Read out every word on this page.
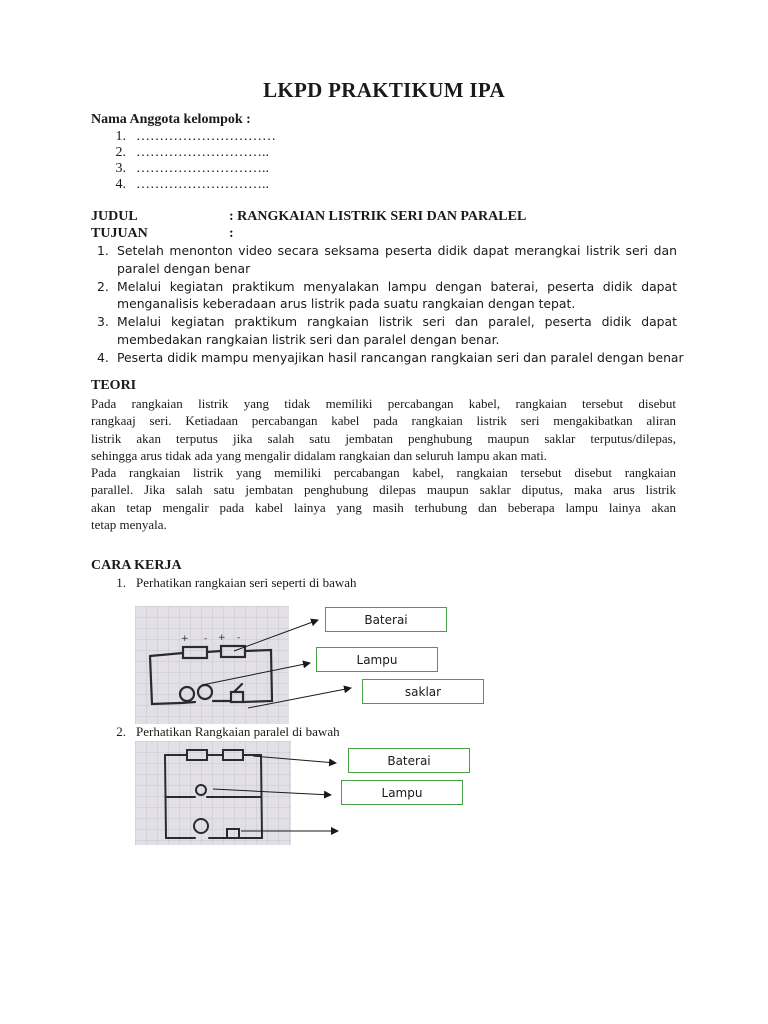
LKPD PRAKTIKUM IPA
Nama Anggota kelompok :
1. …………………………
2. ………………………..
3. ………………………..
4. ………………………..
JUDUL	: RANGKAIAN LISTRIK SERI DAN PARALEL
TUJUAN	:
1. Setelah menonton video secara seksama peserta didik dapat merangkai listrik seri dan
paralel dengan benar
2. Melalui kegiatan praktikum menyalakan lampu dengan baterai, peserta didik dapat
menganalisis keberadaan arus listrik pada suatu rangkaian dengan tepat.
3. Melalui kegiatan praktikum rangkaian listrik seri dan paralel, peserta didik dapat
membedakan rangkaian listrik seri dan paralel dengan benar.
4. Peserta didik mampu menyajikan hasil rancangan rangkaian seri dan paralel dengan benar
TEORI
Pada rangkaian listrik yang tidak memiliki percabangan kabel, rangkaian tersebut disebut
rangkaaj seri. Ketiadaan percabangan kabel pada rangkaian listrik seri mengakibatkan aliran
listrik akan terputus jika salah satu jembatan penghubung maupun saklar terputus/dilepas,
sehingga arus tidak ada yang mengalir didalam rangkaian dan seluruh lampu akan mati.
Pada rangkaian listrik yang memiliki percabangan kabel, rangkaian tersebut disebut rangkaian
parallel. Jika salah satu jembatan penghubung dilepas maupun saklar diputus, maka arus listrik
akan tetap mengalir pada kabel lainya yang masih terhubung dan beberapa lampu lainya akan
tetap menyala.
CARA KERJA
1. Perhatikan rangkaian seri seperti di bawah
+ - + -
Baterai
Lampu
saklar
2. Perhatikan Rangkaian paralel di bawah
Baterai
Lampu
